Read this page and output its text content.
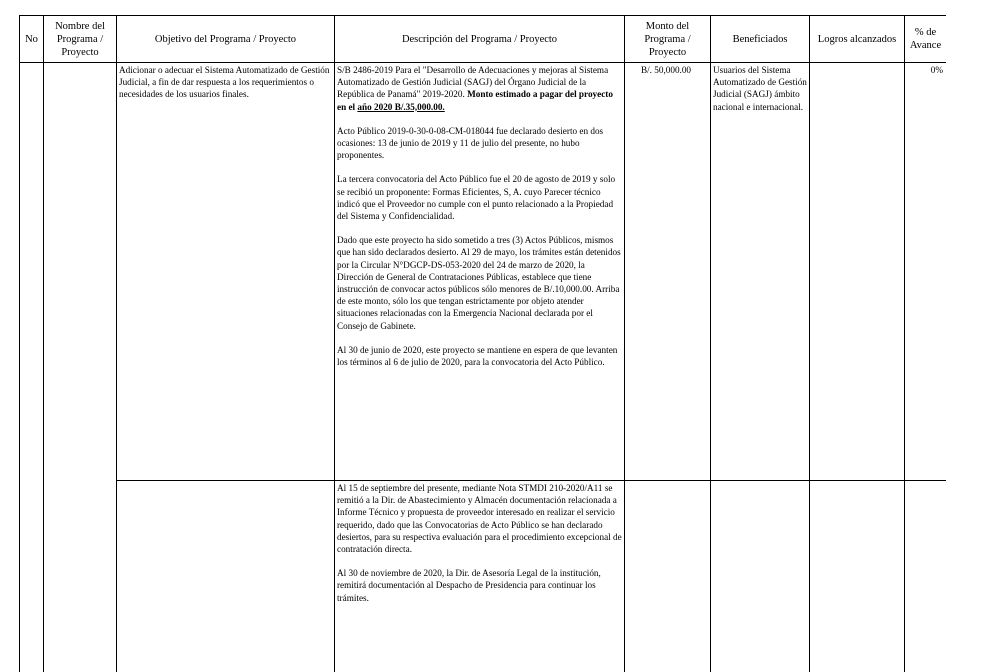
No	Nombre del Programa / Proyecto	Objetivo del Programa / Proyecto	Descripción del Programa / Proyecto	Monto del Programa / Proyecto	Beneficiados	Logros alcanzados	% de Avance
		Adicionar o adecuar el Sistema Automatizado de Gestión Judicial, a fin de dar respuesta a los requerimientos o necesidades de los usuarios finales.	S/B 2486-2019 Para el "Desarrollo de Adecuaciones y mejoras al Sistema Automatizado de Gestión Judicial (SAGJ) del Órgano Judicial de la República de Panamá" 2019-2020. Monto estimado a pagar del proyecto en el año 2020 B/.35,000.00.
Acto Público 2019-0-30-0-08-CM-018044 fue declarado desierto en dos ocasiones: 13 de junio de 2019 y 11 de julio del presente, no hubo proponentes.
La tercera convocatoria del Acto Público fue el 20 de agosto de 2019 y solo se recibió un proponente: Formas Eficientes, S, A. cuyo Parecer técnico indicó que el Proveedor no cumple con el punto relacionado a la Propiedad del Sistema y Confidencialidad.
Dado que este proyecto ha sido sometido a tres (3) Actos Públicos, mismos que han sido declarados desierto. Al 29 de mayo, los trámites están detenidos por la Circular N°DGCP-DS-053-2020 del 24 de marzo de 2020, la Dirección de General de Contrataciones Públicas, establece que tiene instrucción de convocar actos públicos sólo menores de B/.10,000.00. Arriba de este monto, sólo los que tengan estrictamente por objeto atender situaciones relacionadas con la Emergencia Nacional declarada por el Consejo de Gabinete.
Al 30 de junio de 2020, este proyecto se mantiene en espera de que levanten los términos al 6 de julio de 2020, para la convocatoria del Acto Público.	B/. 50,000.00	Usuarios del Sistema Automatizado de Gestión Judicial (SAGJ) ámbito nacional e internacional.		0%

			Al 15 de septiembre del presente, mediante Nota STMDI 210-2020/A11 se remitió a la Dir. de Abastecimiento y Almacén documentación relacionada a Informe Técnico y propuesta de proveedor interesado en realizar el servicio requerido, dado que las Convocatorias de Acto Público se han declarado desiertos, para su respectiva evaluación para el procedimiento excepcional de contratación directa.
Al 30 de noviembre de 2020, la Dir. de Asesoría Legal de la institución, remitirá documentación al Despacho de Presidencia para continuar los trámites.				
